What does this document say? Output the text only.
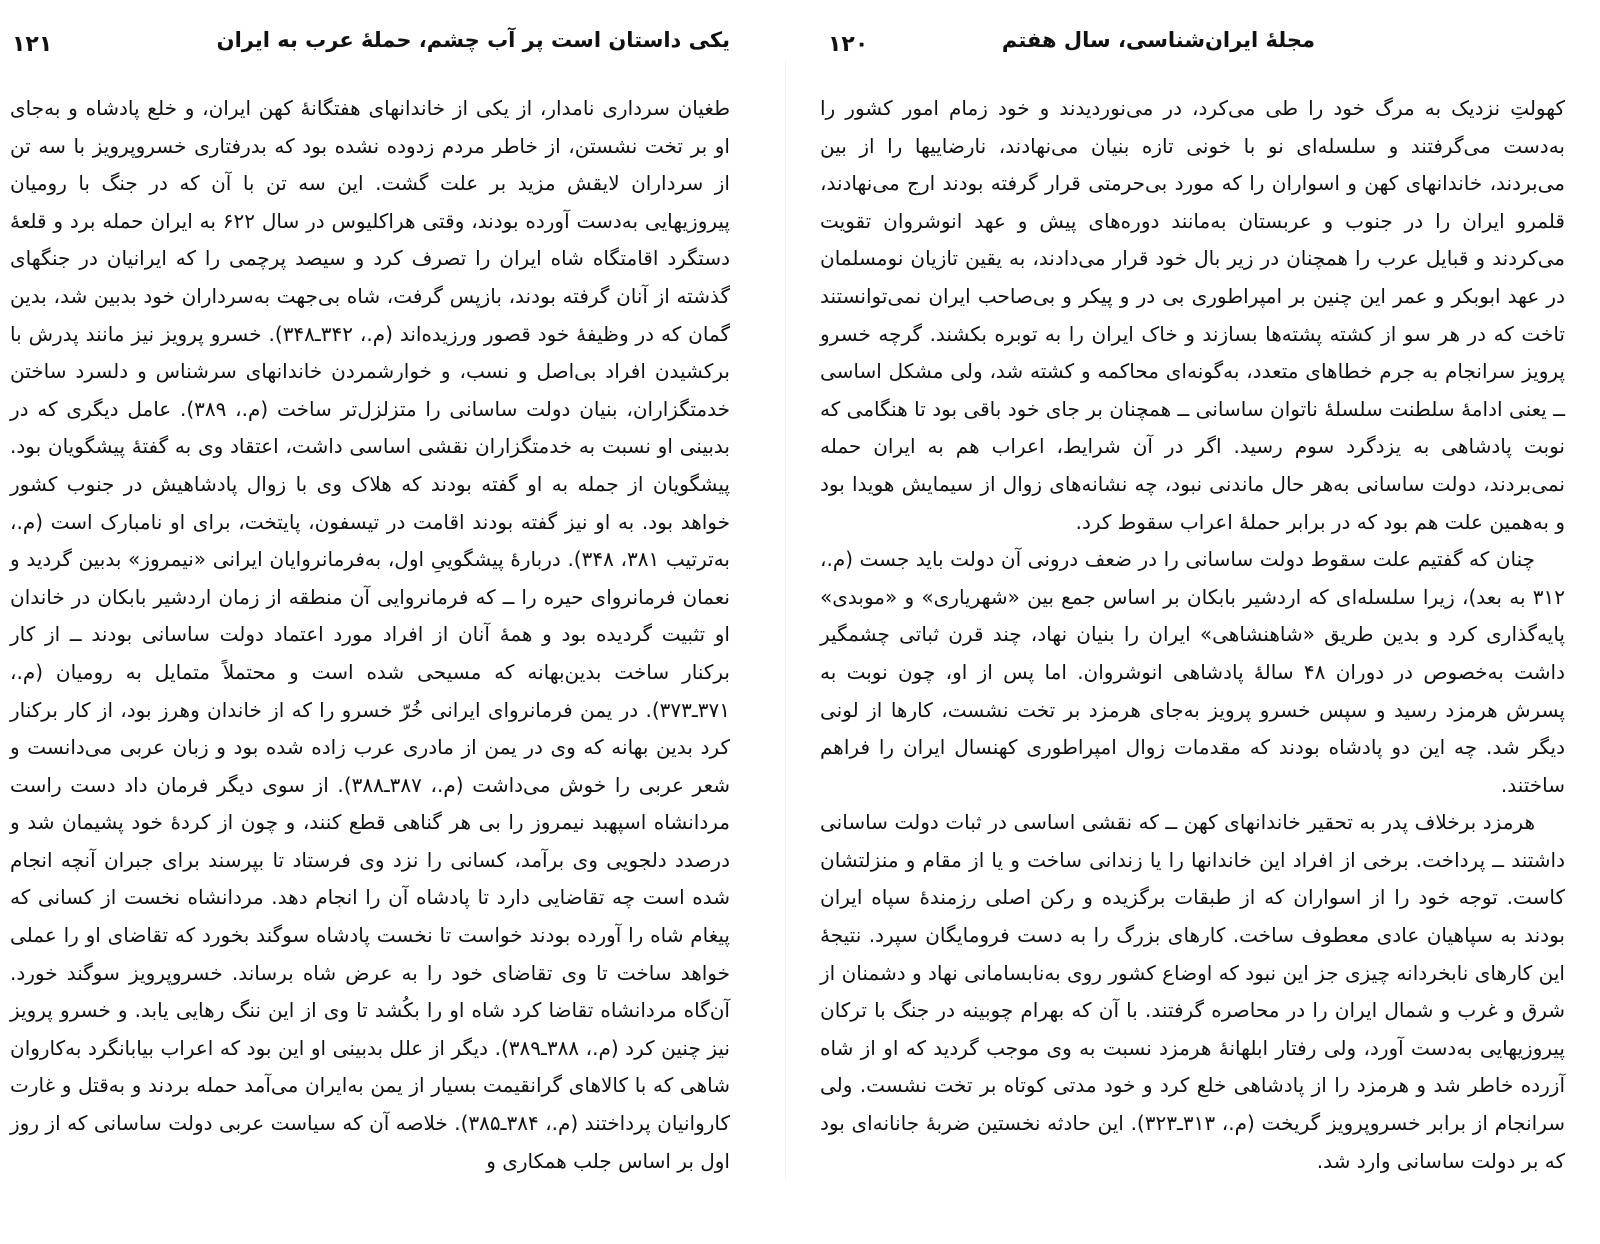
۱۲۱	یکی داستان است پر آب چشم، حملهٔ عرب به ایران

طغیان سرداری نامدار، از یکی از خاندانهای هفتگانهٔ کهن ایران، و خلع پادشاه و به‌جای او بر تخت نشستن، از خاطر مردم زدوده نشده بود که بدرفتاری خسروپرویز با سه تن از سرداران لایقش مزید بر علت گشت. این سه تن با آن که در جنگ با رومیان پیروزیهایی به‌دست آورده بودند، وقتی هراکلیوس در سال ۶۲۲ به ایران حمله برد و قلعهٔ دستگرد اقامتگاه شاه ایران را تصرف کرد و سیصد پرچمی را که ایرانیان در جنگهای گذشته از آنان گرفته بودند، بازپس گرفت، شاه بی‌جهت به‌سرداران خود بدبین شد، بدین گمان که در وظیفهٔ خود قصور ورزیده‌اند (م.، ۳۴۲ـ۳۴۸). خسرو پرویز نیز مانند پدرش با برکشیدن افراد بی‌اصل و نسب، و خوارشمردن خاندانهای سرشناس و دلسرد ساختن خدمتگزاران، بنیان دولت ساسانی را متزلزل‌تر ساخت (م.، ۳۸۹). عامل دیگری که در بدبینی او نسبت به خدمتگزاران نقشی اساسی داشت، اعتقاد وی به گفتهٔ پیشگویان بود. پیشگویان از جمله به او گفته بودند که هلاک وی با زوال پادشاهیش در جنوب کشور خواهد بود. به او نیز گفته بودند اقامت در تیسفون، پایتخت، برای او نامبارک است (م.، به‌ترتیب ۳۸۱، ۳۴۸). دربارهٔ پیشگوییِ اول، به‌فرمانروایان ایرانی «نیمروز» بدبین گردید و نعمان فرمانروای حیره را ــ که فرمانروایی آن منطقه از زمان اردشیر بابکان در خاندان او تثبیت گردیده بود و همهٔ آنان از افراد مورد اعتماد دولت ساسانی بودند ــ از کار برکنار ساخت بدین‌بهانه که مسیحی شده است و محتملاً متمایل به رومیان (م.، ۳۷۱ـ۳۷۳). در یمن فرمانروای ایرانی خُرّ خسرو را که از خاندان وهرز بود، از کار برکنار کرد بدین بهانه که وی در یمن از مادری عرب زاده شده بود و زبان عربی می‌دانست و شعر عربی را خوش می‌داشت (م.، ۳۸۷ـ۳۸۸). از سوی دیگر فرمان داد دست راست مردانشاه اسپهبد نیمروز را بی هر گناهی قطع کنند، و چون از کردهٔ خود پشیمان شد و درصدد دلجویی وی برآمد، کسانی را نزد وی فرستاد تا بپرسند برای جبران آنچه انجام شده است چه تقاضایی دارد تا پادشاه آن را انجام دهد. مردانشاه نخست از کسانی که پیغام شاه را آورده بودند خواست تا نخست پادشاه سوگند بخورد که تقاضای او را عملی خواهد ساخت تا وی تقاضای خود را به عرض شاه برساند. خسروپرویز سوگند خورد. آن‌گاه مردانشاه تقاضا کرد شاه او را بکُشد تا وی از این ننگ رهایی یابد. و خسرو پرویز نیز چنین کرد (م.، ۳۸۸ـ۳۸۹). دیگر از علل بدبینی او این بود که اعراب بیابانگرد به‌کاروان شاهی که با کالاهای گرانقیمت بسیار از یمن به‌ایران می‌آمد حمله بردند و به‌قتل و غارت کاروانیان پرداختند (م.، ۳۸۴ـ۳۸۵). خلاصه آن که سیاست عربی دولت ساسانی که از روز اول بر اساس جلب همکاری و

۱۲۰	مجلهٔ ایران‌شناسی، سال هفتم

کهولتِ نزدیک به مرگ خود را طی می‌کرد، در می‌نوردیدند و خود زمام امور کشور را به‌دست می‌گرفتند و سلسله‌ای نو با خونی تازه بنیان می‌نهادند، نارضاییها را از بین می‌بردند، خاندانهای کهن و اسواران را که مورد بی‌حرمتی قرار گرفته بودند ارج می‌نهادند، قلمرو ایران را در جنوب و عربستان به‌مانند دوره‌های پیش و عهد انوشروان تقویت می‌کردند و قبایل عرب را همچنان در زیر بال خود قرار می‌دادند، به یقین تازیان نومسلمان در عهد ابوبکر و عمر این چنین بر امپراطوری بی در و پیکر و بی‌صاحب ایران نمی‌توانستند تاخت که در هر سو از کشته پشته‌ها بسازند و خاک ایران را به توبره بکشند. گرچه خسرو پرویز سرانجام به جرم خطاهای متعدد، به‌گونه‌ای محاکمه و کشته شد، ولی مشکل اساسی ــ یعنی ادامهٔ سلطنت سلسلهٔ ناتوان ساسانی ــ همچنان بر جای خود باقی بود تا هنگامی که نوبت پادشاهی به یزدگرد سوم رسید. اگر در آن شرایط، اعراب هم به ایران حمله نمی‌بردند، دولت ساسانی به‌هر حال ماندنی نبود، چه نشانه‌های زوال از سیمایش هویدا بود و به‌همین علت هم بود که در برابر حملهٔ اعراب سقوط کرد.

چنان که گفتیم علت سقوط دولت ساسانی را در ضعف درونی آن دولت باید جست (م.، ۳۱۲ به بعد)، زیرا سلسله‌ای که اردشیر بابکان بر اساس جمع بین «شهریاری» و «موبدی» پایه‌گذاری کرد و بدین طریق «شاهنشاهی» ایران را بنیان نهاد، چند قرن ثباتی چشمگیر داشت به‌خصوص در دوران ۴۸ سالهٔ پادشاهی انوشروان. اما پس از او، چون نوبت به پسرش هرمزد رسید و سپس خسرو پرویز به‌جای هرمزد بر تخت نشست، کارها از لونی دیگر شد. چه این دو پادشاه بودند که مقدمات زوال امپراطوری کهنسال ایران را فراهم ساختند.

هرمزد برخلاف پدر به تحقیر خاندانهای کهن ــ که نقشی اساسی در ثبات دولت ساسانی داشتند ــ پرداخت. برخی از افراد این خاندانها را یا زندانی ساخت و یا از مقام و منزلتشان کاست. توجه خود را از اسواران که از طبقات برگزیده و رکن اصلی رزمندهٔ سپاه ایران بودند به سپاهیان عادی معطوف ساخت. کارهای بزرگ را به دست فرومایگان سپرد. نتیجهٔ این کارهای نابخردانه چیزی جز این نبود که اوضاع کشور روی به‌نابسامانی نهاد و دشمنان از شرق و غرب و شمال ایران را در محاصره گرفتند. با آن که بهرام چوبینه در جنگ با ترکان پیروزیهایی به‌دست آورد، ولی رفتار ابلهانهٔ هرمزد نسبت به وی موجب گردید که او از شاه آزرده خاطر شد و هرمزد را از پادشاهی خلع کرد و خود مدتی کوتاه بر تخت نشست. ولی سرانجام از برابر خسروپرویز گریخت (م.، ۳۱۳ـ۳۲۳). این حادثه نخستین ضربهٔ جانانه‌ای بود که بر دولت ساسانی وارد شد.
